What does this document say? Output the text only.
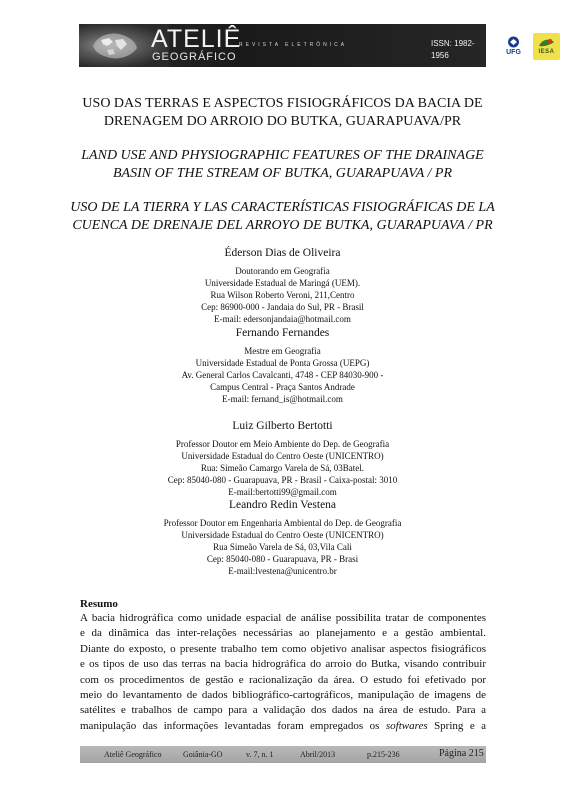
ATELIÊ
GEOGRÁFICO
REVISTA ELETRÔNICA	ISSN: 1982-1956	UFG	IESA

USO DAS TERRAS E ASPECTOS FISIOGRÁFICOS DA BACIA DE DRENAGEM DO ARROIO DO BUTKA, GUARAPUAVA/PR

LAND USE AND PHYSIOGRAPHIC FEATURES OF THE DRAINAGE BASIN OF THE STREAM OF BUTKA, GUARAPUAVA / PR

USO DE LA TIERRA Y LAS CARACTERÍSTICAS FISIOGRÁFICAS DE LA CUENCA DE DRENAJE DEL ARROYO DE BUTKA, GUARAPUAVA / PR

Éderson Dias de Oliveira

Doutorando em Geografia

Universidade Estadual de Maringá (UEM).

Rua Wilson Roberto Veroni, 211,Centro

Cep: 86900-000 - Jandaia do Sul, PR - Brasil

E-mail: edersonjandaia@hotmail.com

Fernando Fernandes

Mestre em Geografia

Universidade Estadual de Ponta Grossa (UEPG)

Av. General Carlos Cavalcanti, 4748 - CEP 84030-900 -

Campus Central - Praça Santos Andrade

E-mail: fernand_is@hotmail.com

Luiz Gilberto Bertotti

Professor Doutor em Meio Ambiente do Dep. de Geografia

Universidade Estadual do Centro Oeste (UNICENTRO)

Rua: Simeão Camargo Varela de Sá, 03Batel.

Cep: 85040-080 - Guarapuava, PR - Brasil - Caixa-postal: 3010

E-mail:bertotti99@gmail.com

Leandro Redin Vestena

Professor Doutor em Engenharia Ambiental do Dep. de Geografia

Universidade Estadual do Centro Oeste (UNICENTRO)

Rua Simeão Varela de Sá, 03,Vila Cali

Cep: 85040-080 - Guarapuava, PR - Brasi

E-mail:lvestena@unicentro.br

Resumo
A bacia hidrográfica como unidade espacial de análise possibilita tratar de componentes
e da dinâmica das inter-relações necessárias ao planejamento e a gestão ambiental.
Diante do exposto, o presente trabalho tem como objetivo analisar aspectos fisiográficos
e os tipos de uso das terras na bacia hidrográfica do arroio do Butka, visando contribuir
com os procedimentos de gestão e racionalização da área. O estudo foi efetivado por
meio do levantamento de dados bibliográfico-cartográficos, manipulação de imagens de
satélites e trabalhos de campo para a validação dos dados na área de estudo. Para a
manipulação das informações levantadas foram empregados os softwares Spring e a
Ateliê Geográfico	Goiânia-GO	v. 7, n. 1	Abril/2013	p.215-236	Página 215
